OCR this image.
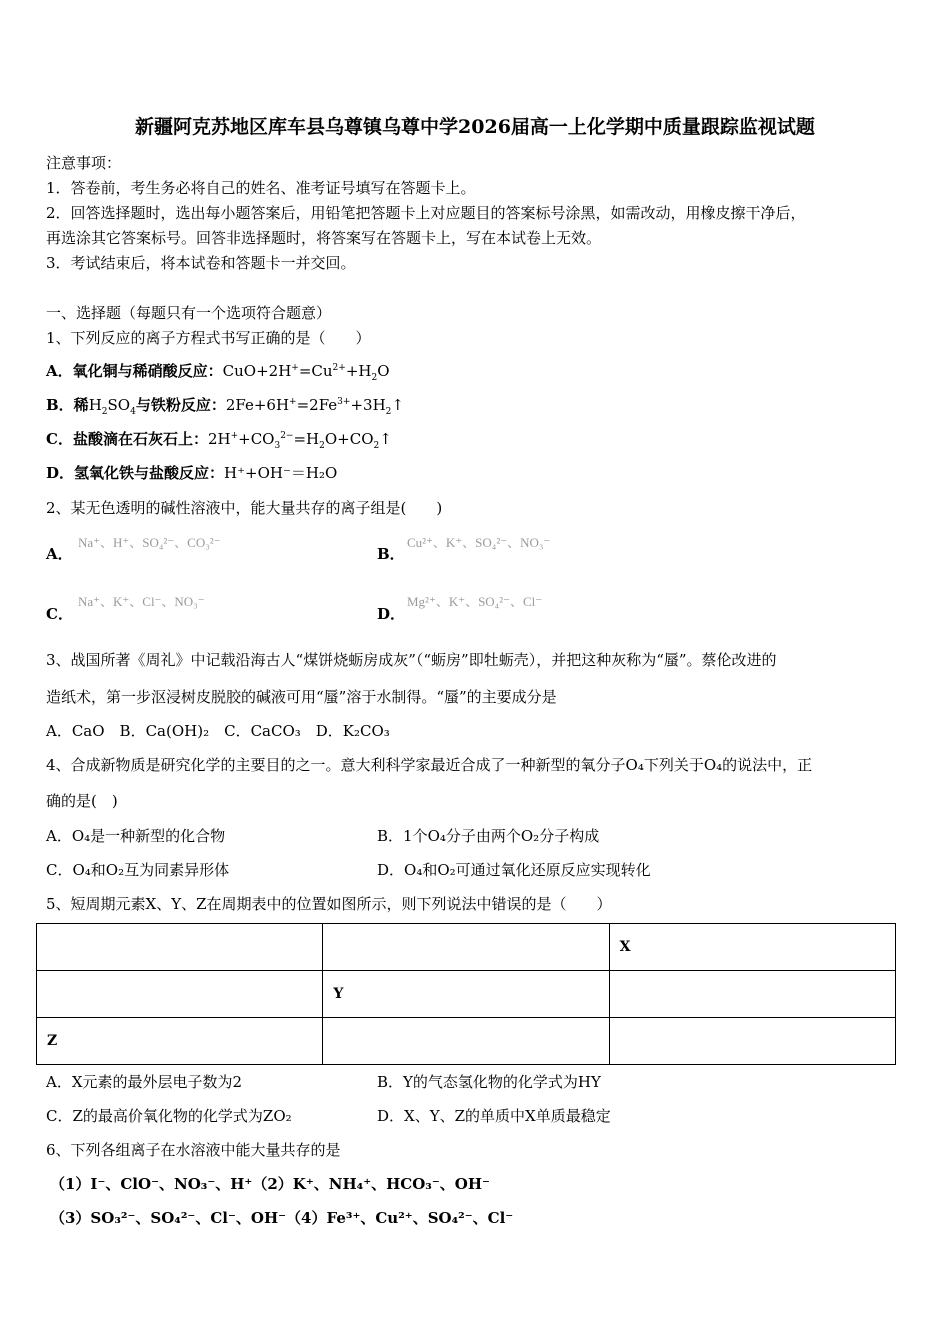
新疆阿克苏地区库车县乌尊镇乌尊中学2026届高一上化学期中质量跟踪监视试题
注意事项：
1．答卷前，考生务必将自己的姓名、准考证号填写在答题卡上。
2．回答选择题时，选出每小题答案后，用铅笔把答题卡上对应题目的答案标号涂黑，如需改动，用橡皮擦干净后，
再选涂其它答案标号。回答非选择题时，将答案写在答题卡上，写在本试卷上无效。
3．考试结束后，将本试卷和答题卡一并交回。
一、选择题（每题只有一个选项符合题意）
1、下列反应的离子方程式书写正确的是（　　）
A．氧化铜与稀硝酸反应：$CuO+2H^+=Cu^{2+}+H_2O$
B．稀$H_2SO_4$与铁粉反应：$2Fe+6H^+=2Fe^{3+}+3H_2↑$
C．盐酸滴在石灰石上：$2H^++CO_3^{2-}=H_2O+CO_2↑$
D．氢氧化铁与盐酸反应：H⁺+OH⁻＝H₂O
2、某无色透明的碱性溶液中，能大量共存的离子组是(　　)
A．
Na⁺、H⁺、SO₄²⁻、CO₃²⁻
B．
Cu²⁺、K⁺、SO₄²⁻、NO₃⁻
C．
Na⁺、K⁺、Cl⁻、NO₃⁻
D．
Mg²⁺、K⁺、SO₄²⁻、Cl⁻
3、战国所著《周礼》中记载沿海古人“煤饼烧蛎房成灰”（“蛎房”即牡蛎壳），并把这种灰称为“蜃”。蔡伦改进的
造纸术，第一步沤浸树皮脱胶的碱液可用“蜃”溶于水制得。“蜃”的主要成分是
A．CaO　B．Ca(OH)₂　C．CaCO₃　D．K₂CO₃
4、合成新物质是研究化学的主要目的之一。意大利科学家最近合成了一种新型的氧分子O₄下列关于O₄的说法中，正
确的是(　)
A．O₄是一种新型的化合物	B．1个O₄分子由两个O₂分子构成
C．O₄和O₂互为同素异形体	D．O₄和O₂可通过氧化还原反应实现转化
5、短周期元素X、Y、Z在周期表中的位置如图所示，则下列说法中错误的是（　　）
		X
	Y	
Z		
A．X元素的最外层电子数为2	B．Y的气态氢化物的化学式为HY
C．Z的最高价氧化物的化学式为ZO₂	D．X、Y、Z的单质中X单质最稳定
6、下列各组离子在水溶液中能大量共存的是
（1）I⁻、ClO⁻、NO₃⁻、H⁺（2）K⁺、NH₄⁺、HCO₃⁻、OH⁻
（3）SO₃²⁻、SO₄²⁻、Cl⁻、OH⁻（4）Fe³⁺、Cu²⁺、SO₄²⁻、Cl⁻
